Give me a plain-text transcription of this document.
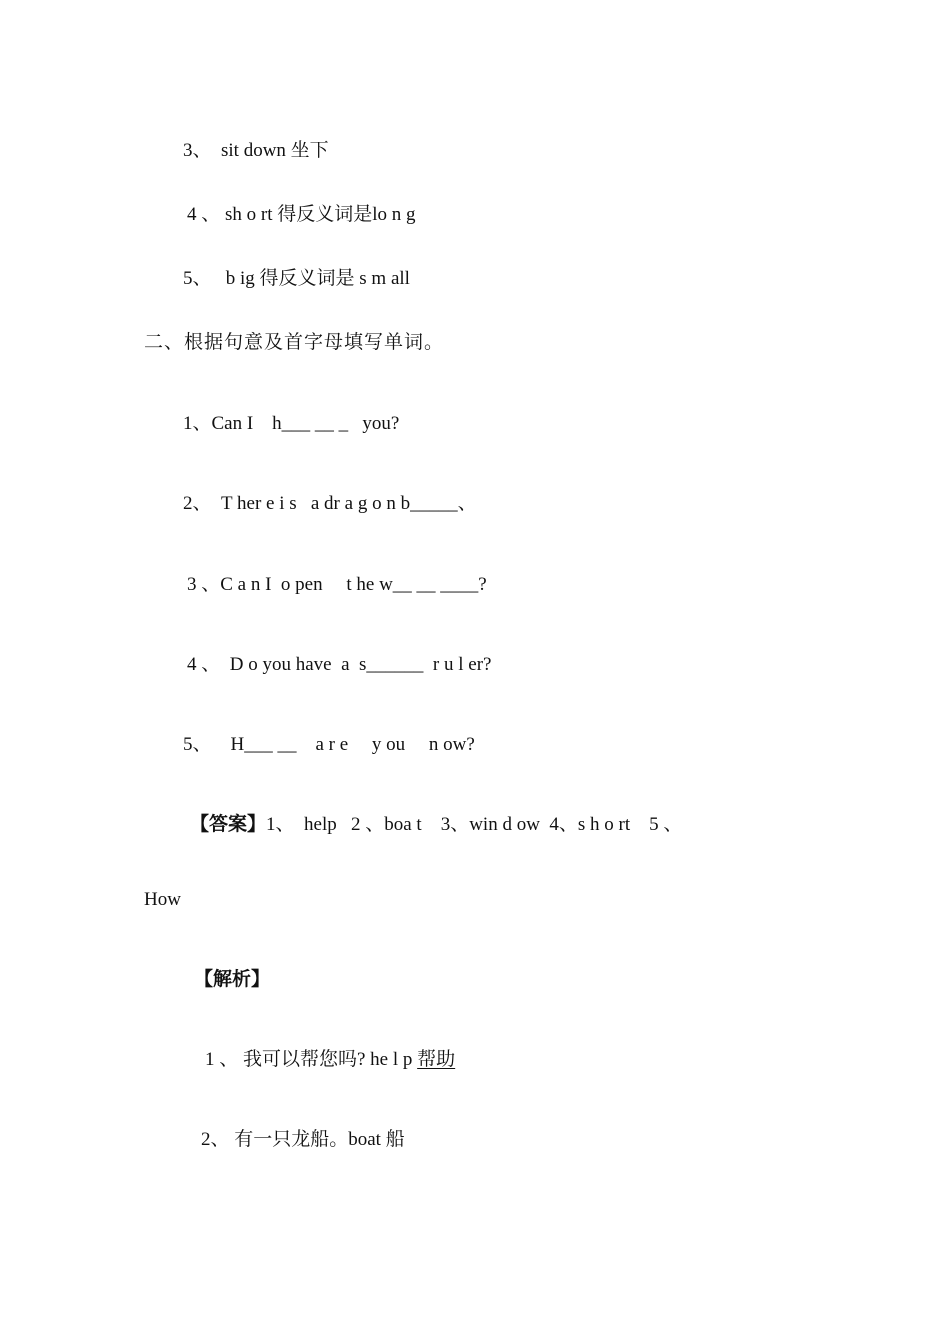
3、  sit down 坐下
4 、 sh o rt 得反义词是lo n g
5、   b ig 得反义词是 s m all
二、根据句意及首字母填写单词。
1、Can I    h___ __ _   you?
2、  T her e i s   a dr a g o n b_____、
3 、C a n I  o pen     t he w__ __ ____?
4 、  D o you have  a  s______  r u l er?
5、    H___ __    a r e     y ou     n ow?
【答案】1、  help   2 、boa t    3、win d ow  4、s h o rt    5 、
How
【解析】
1 、 我可以帮您吗? he l p 帮助
2、 有一只龙船。boat 船
